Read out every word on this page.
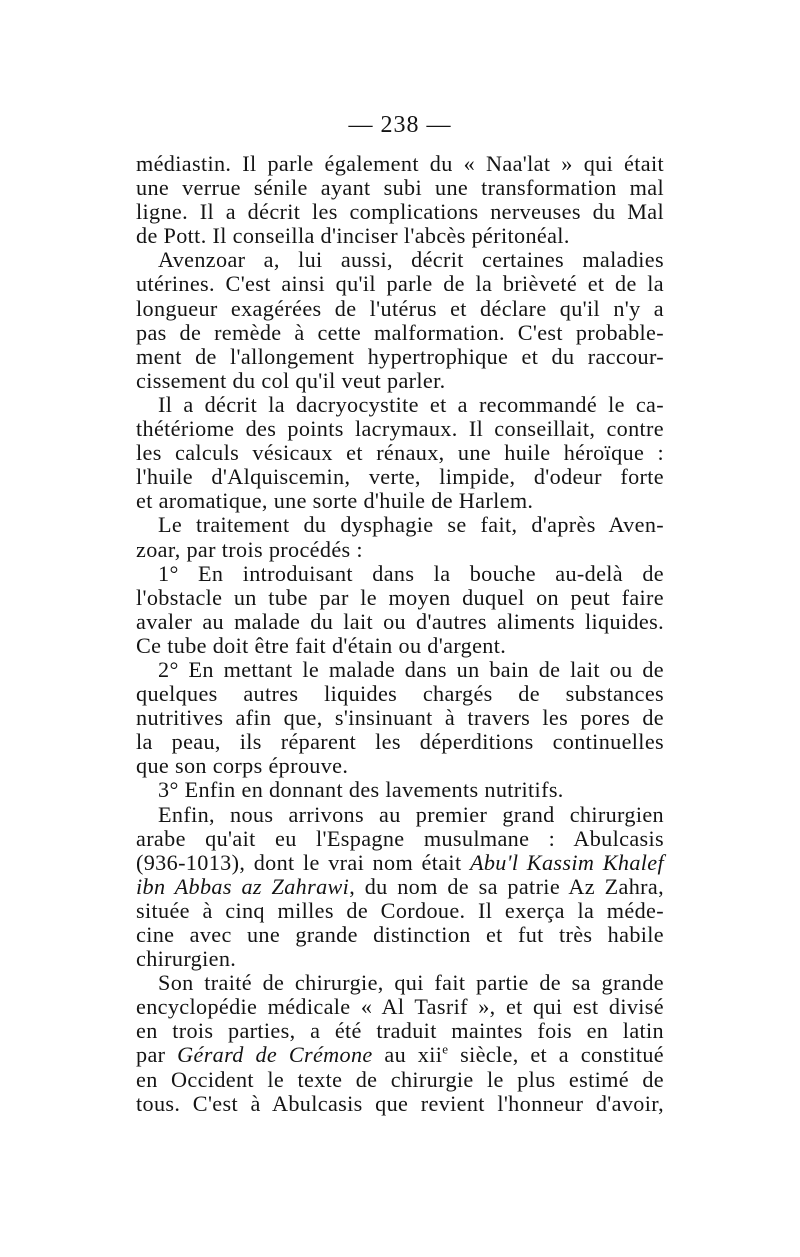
— 238 —
médiastin. Il parle également du « Naa'lat » qui était
une verrue sénile ayant subi une transformation mal
ligne. Il a décrit les complications nerveuses du Mal
de Pott. Il conseilla d'inciser l'abcès péritonéal.
Avenzoar a, lui aussi, décrit certaines maladies
utérines. C'est ainsi qu'il parle de la brièveté et de la
longueur exagérées de l'utérus et déclare qu'il n'y a
pas de remède à cette malformation. C'est probable-
ment de l'allongement hypertrophique et du raccour-
cissement du col qu'il veut parler.
Il a décrit la dacryocystite et a recommandé le ca-
thétériome des points lacrymaux. Il conseillait, contre
les calculs vésicaux et rénaux, une huile héroïque :
l'huile d'Alquiscemin, verte, limpide, d'odeur forte
et aromatique, une sorte d'huile de Harlem.
Le traitement du dysphagie se fait, d'après Aven-
zoar, par trois procédés :
1° En introduisant dans la bouche au-delà de
l'obstacle un tube par le moyen duquel on peut faire
avaler au malade du lait ou d'autres aliments liquides.
Ce tube doit être fait d'étain ou d'argent.
2° En mettant le malade dans un bain de lait ou de
quelques autres liquides chargés de substances
nutritives afin que, s'insinuant à travers les pores de
la peau, ils réparent les déperditions continuelles
que son corps éprouve.
3° Enfin en donnant des lavements nutritifs.
Enfin, nous arrivons au premier grand chirurgien
arabe qu'ait eu l'Espagne musulmane : Abulcasis
(936-1013), dont le vrai nom était Abu'l Kassim Khalef
ibn Abbas az Zahrawi, du nom de sa patrie Az Zahra,
située à cinq milles de Cordoue. Il exerça la méde-
cine avec une grande distinction et fut très habile
chirurgien.
Son traité de chirurgie, qui fait partie de sa grande
encyclopédie médicale « Al Tasrif », et qui est divisé
en trois parties, a été traduit maintes fois en latin
par Gérard de Crémone au xii$^e$ siècle, et a constitué
en Occident le texte de chirurgie le plus estimé de
tous. C'est à Abulcasis que revient l'honneur d'avoir,
